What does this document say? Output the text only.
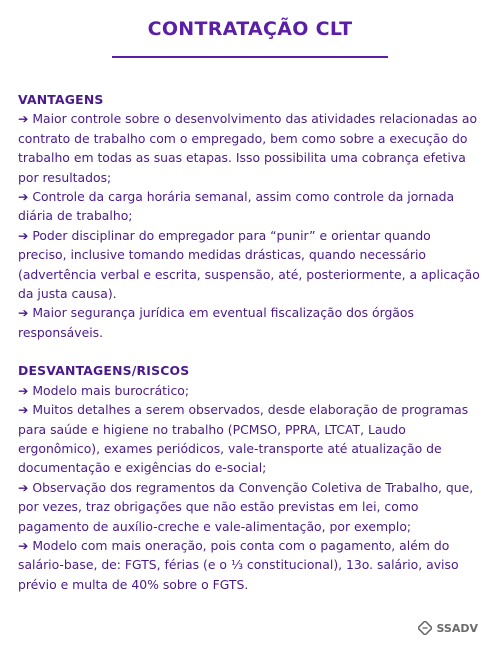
CONTRATAÇÃO CLT
VANTAGENS

➔ Maior controle sobre o desenvolvimento das atividades relacionadas ao contrato de trabalho com o empregado, bem como sobre a execução do trabalho em todas as suas etapas. Isso possibilita uma cobrança efetiva por resultados;

➔ Controle da carga horária semanal, assim como controle da jornada diária de trabalho;

➔ Poder disciplinar do empregador para “punir” e orientar quando preciso, inclusive tomando medidas drásticas, quando necessário (advertência verbal e escrita, suspensão, até, posteriormente, a aplicação da justa causa).

➔ Maior segurança jurídica em eventual fiscalização dos órgãos responsáveis.

DESVANTAGENS/RISCOS

➔ Modelo mais burocrático;

➔ Muitos detalhes a serem observados, desde elaboração de programas para saúde e higiene no trabalho (PCMSO, PPRA, LTCAT, Laudo ergonômico), exames periódicos, vale-transporte até atualização de documentação e exigências do e-social;

➔ Observação dos regramentos da Convenção Coletiva de Trabalho, que, por vezes, traz obrigações que não estão previstas em lei, como pagamento de auxílio-creche e vale-alimentação, por exemplo;

➔ Modelo com mais oneração, pois conta com o pagamento, além do salário-base, de: FGTS, férias (e o ⅓ constitucional), 13o. salário, aviso prévio e multa de 40% sobre o FGTS.

SSADV
